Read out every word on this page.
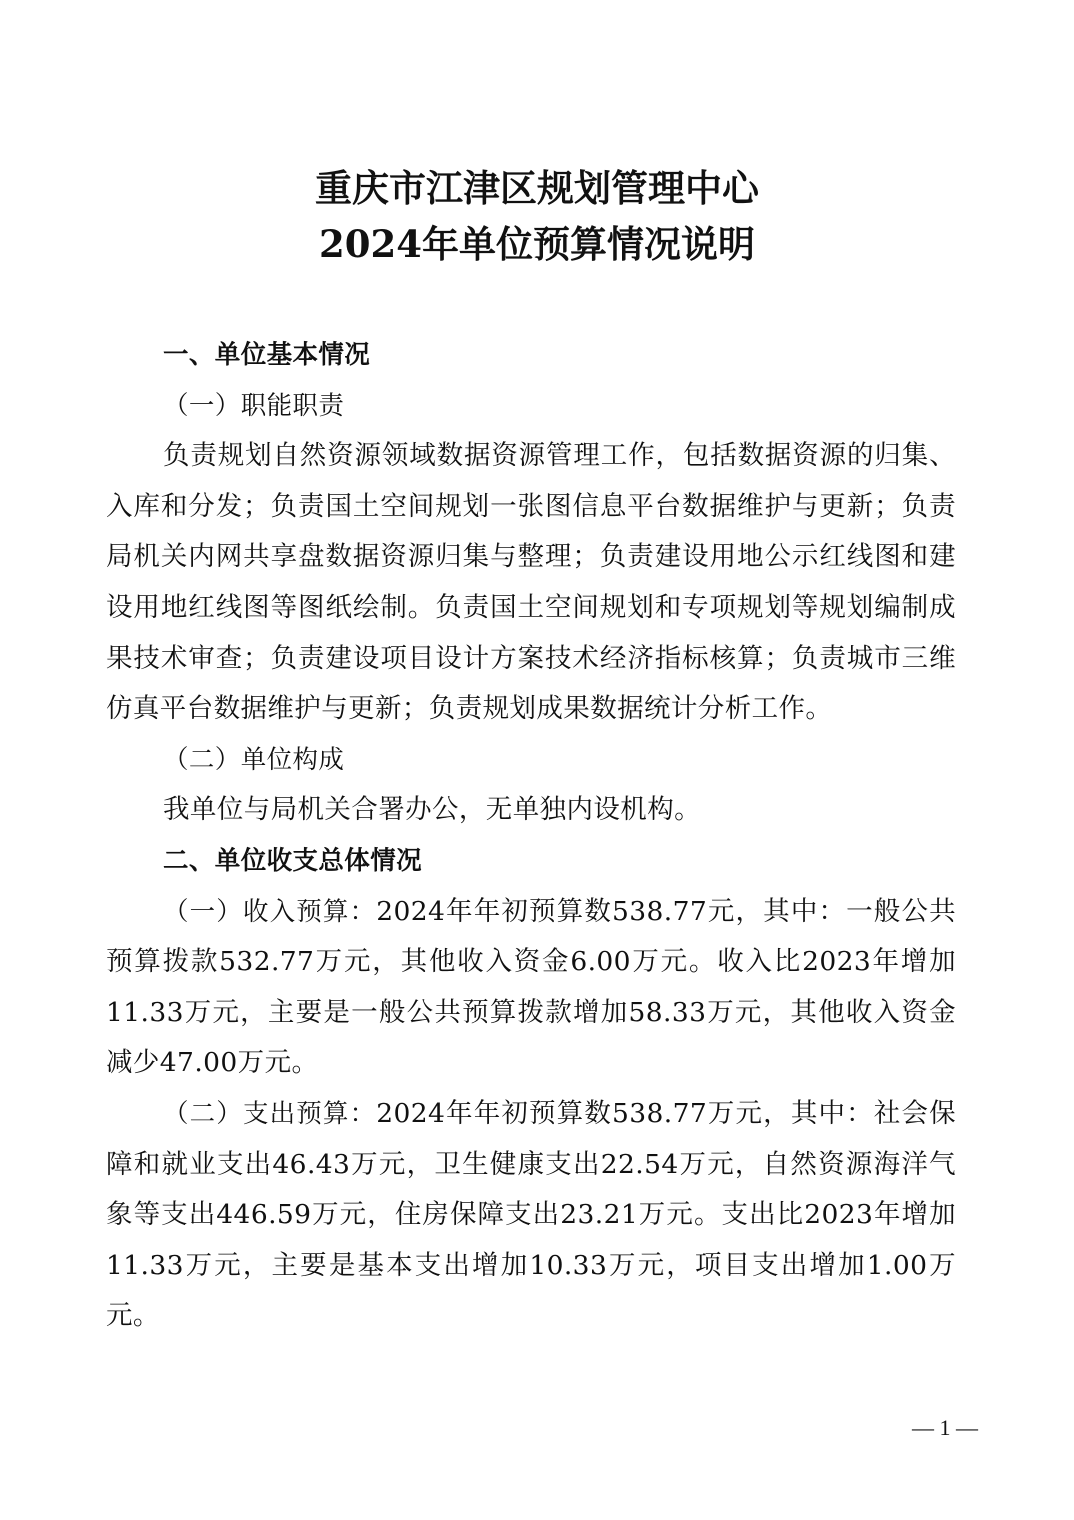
重庆市江津区规划管理中心
2024年单位预算情况说明

一、单位基本情况

（一）职能职责

负责规划自然资源领域数据资源管理工作，包括数据资源的归集、入库和分发；负责国土空间规划一张图信息平台数据维护与更新；负责局机关内网共享盘数据资源归集与整理；负责建设用地公示红线图和建设用地红线图等图纸绘制。负责国土空间规划和专项规划等规划编制成果技术审查；负责建设项目设计方案技术经济指标核算；负责城市三维仿真平台数据维护与更新；负责规划成果数据统计分析工作。

（二）单位构成

我单位与局机关合署办公，无单独内设机构。

二、单位收支总体情况

（一）收入预算：2024年年初预算数538.77元，其中：一般公共预算拨款532.77万元，其他收入资金6.00万元。收入比2023年增加11.33万元，主要是一般公共预算拨款增加58.33万元，其他收入资金减少47.00万元。

（二）支出预算：2024年年初预算数538.77万元，其中：社会保障和就业支出46.43万元，卫生健康支出22.54万元，自然资源海洋气象等支出446.59万元，住房保障支出23.21万元。支出比2023年增加11.33万元，主要是基本支出增加10.33万元，项目支出增加1.00万元。

— 1 —
